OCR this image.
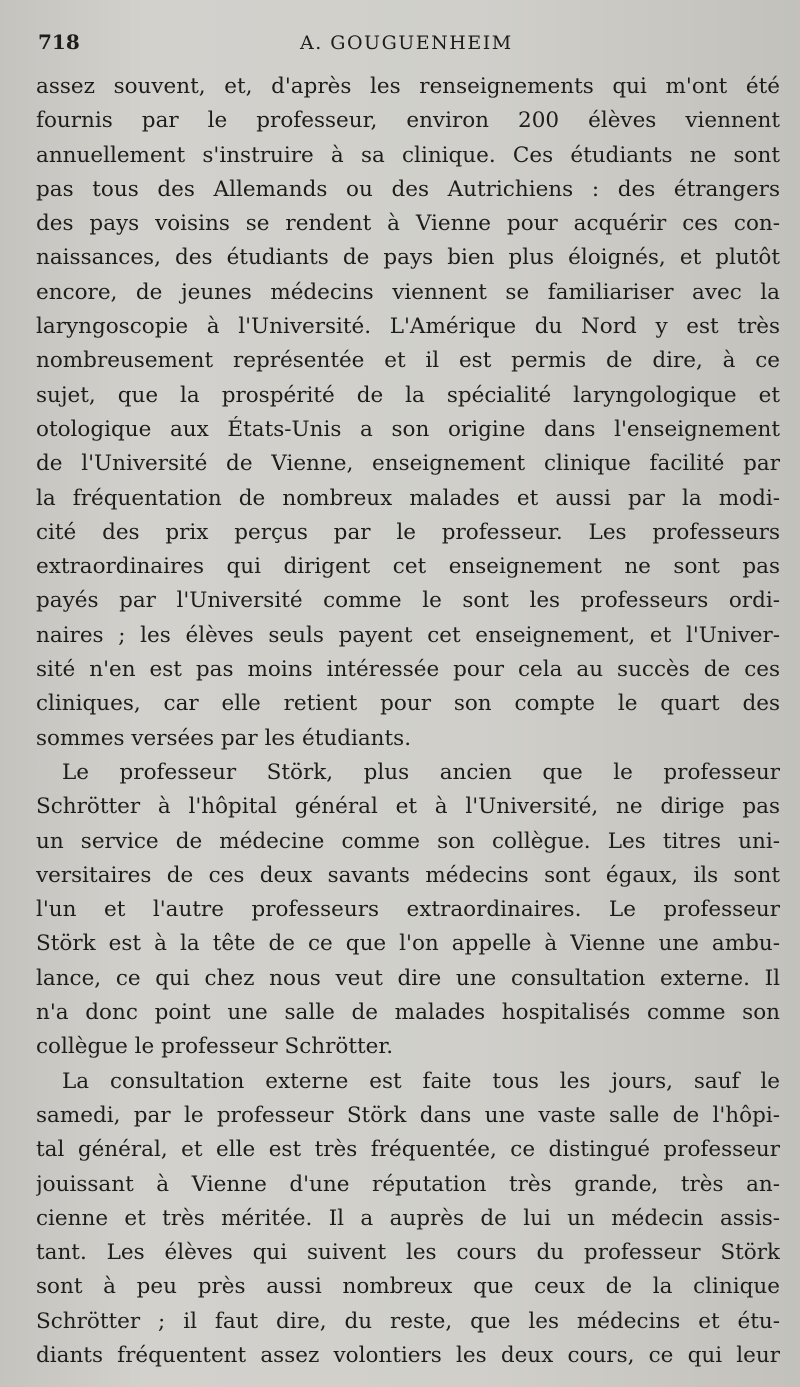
718	A. GOUGUENHEIM
assez souvent, et, d'après les renseignements qui m'ont été
fournis par le professeur, environ 200 élèves viennent
annuellement s'instruire à sa clinique. Ces étudiants ne sont
pas tous des Allemands ou des Autrichiens : des étrangers
des pays voisins se rendent à Vienne pour acquérir ces con-
naissances, des étudiants de pays bien plus éloignés, et plutôt
encore, de jeunes médecins viennent se familiariser avec la
laryngoscopie à l'Université. L'Amérique du Nord y est très
nombreusement représentée et il est permis de dire, à ce
sujet, que la prospérité de la spécialité laryngologique et
otologique aux États-Unis a son origine dans l'enseignement
de l'Université de Vienne, enseignement clinique facilité par
la fréquentation de nombreux malades et aussi par la modi-
cité des prix perçus par le professeur. Les professeurs
extraordinaires qui dirigent cet enseignement ne sont pas
payés par l'Université comme le sont les professeurs ordi-
naires ; les élèves seuls payent cet enseignement, et l'Univer-
sité n'en est pas moins intéressée pour cela au succès de ces
cliniques, car elle retient pour son compte le quart des
sommes versées par les étudiants.
Le professeur Störk, plus ancien que le professeur
Schrötter à l'hôpital général et à l'Université, ne dirige pas
un service de médecine comme son collègue. Les titres uni-
versitaires de ces deux savants médecins sont égaux, ils sont
l'un et l'autre professeurs extraordinaires. Le professeur
Störk est à la tête de ce que l'on appelle à Vienne une ambu-
lance, ce qui chez nous veut dire une consultation externe. Il
n'a donc point une salle de malades hospitalisés comme son
collègue le professeur Schrötter.
La consultation externe est faite tous les jours, sauf le
samedi, par le professeur Störk dans une vaste salle de l'hôpi-
tal général, et elle est très fréquentée, ce distingué professeur
jouissant à Vienne d'une réputation très grande, très an-
cienne et très méritée. Il a auprès de lui un médecin assis-
tant. Les élèves qui suivent les cours du professeur Störk
sont à peu près aussi nombreux que ceux de la clinique
Schrötter ; il faut dire, du reste, que les médecins et étu-
diants fréquentent assez volontiers les deux cours, ce qui leur
